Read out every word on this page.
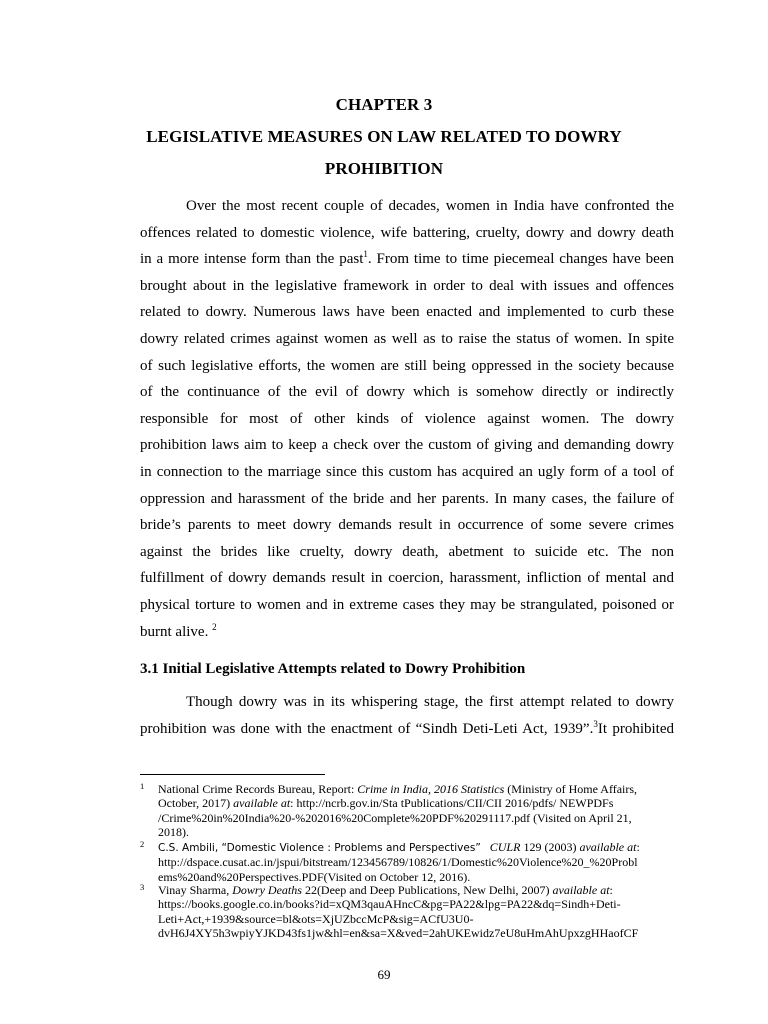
CHAPTER 3
LEGISLATIVE MEASURES ON LAW RELATED TO DOWRY
PROHIBITION
Over the most recent couple of decades, women in India have confronted the
offences related to domestic violence, wife battering, cruelty, dowry and dowry death
in a more intense form than the past$^1$. From time to time piecemeal changes have been
brought about in the legislative framework in order to deal with issues and offences
related to dowry. Numerous laws have been enacted and implemented to curb these
dowry related crimes against women as well as to raise the status of women. In spite
of such legislative efforts, the women are still being oppressed in the society because
of the continuance of the evil of dowry which is somehow directly or indirectly
responsible for most of other kinds of violence against women. The dowry
prohibition laws aim to keep a check over the custom of giving and demanding dowry
in connection to the marriage since this custom has acquired an ugly form of a tool of
oppression and harassment of the bride and her parents. In many cases, the failure of
bride’s parents to meet dowry demands result in occurrence of some severe crimes
against the brides like cruelty, dowry death, abetment to suicide etc. The non
fulfillment of dowry demands result in coercion, harassment, infliction of mental and
physical torture to women and in extreme cases they may be strangulated, poisoned or
burnt alive. $^2$
3.1 Initial Legislative Attempts related to Dowry Prohibition
Though dowry was in its whispering stage, the first attempt related to dowry
prohibition was done with the enactment of “Sindh Deti-Leti Act, 1939”.$^3$It prohibited
1 National Crime Records Bureau, Report: Crime in India, 2016 Statistics (Ministry of Home Affairs,
October, 2017) available at: http://ncrb.gov.in/Sta tPublications/CII/CII 2016/pdfs/ NEWPDFs
/Crime%20in%20India%20-%202016%20Complete%20PDF%20291117.pdf (Visited on April 21,
2018).
2 C.S. Ambili, “Domestic Violence : Problems and Perspectives” CULR 129 (2003) available at:
http://dspace.cusat.ac.in/jspui/bitstream/123456789/10826/1/Domestic%20Violence%20_%20Probl
ems%20and%20Perspectives.PDF(Visited on October 12, 2016).
3 Vinay Sharma, Dowry Deaths 22(Deep and Deep Publications, New Delhi, 2007) available at:
https://books.google.co.in/books?id=xQM3qauAHncC&pg=PA22&lpg=PA22&dq=Sindh+Deti-
Leti+Act,+1939&source=bl&ots=XjUZbccMcP&sig=ACfU3U0-
dvH6J4XY5h3wpiyYJKD43fs1jw&hl=en&sa=X&ved=2ahUKEwidz7eU8uHmAhUpxzgHHaofCF
69
